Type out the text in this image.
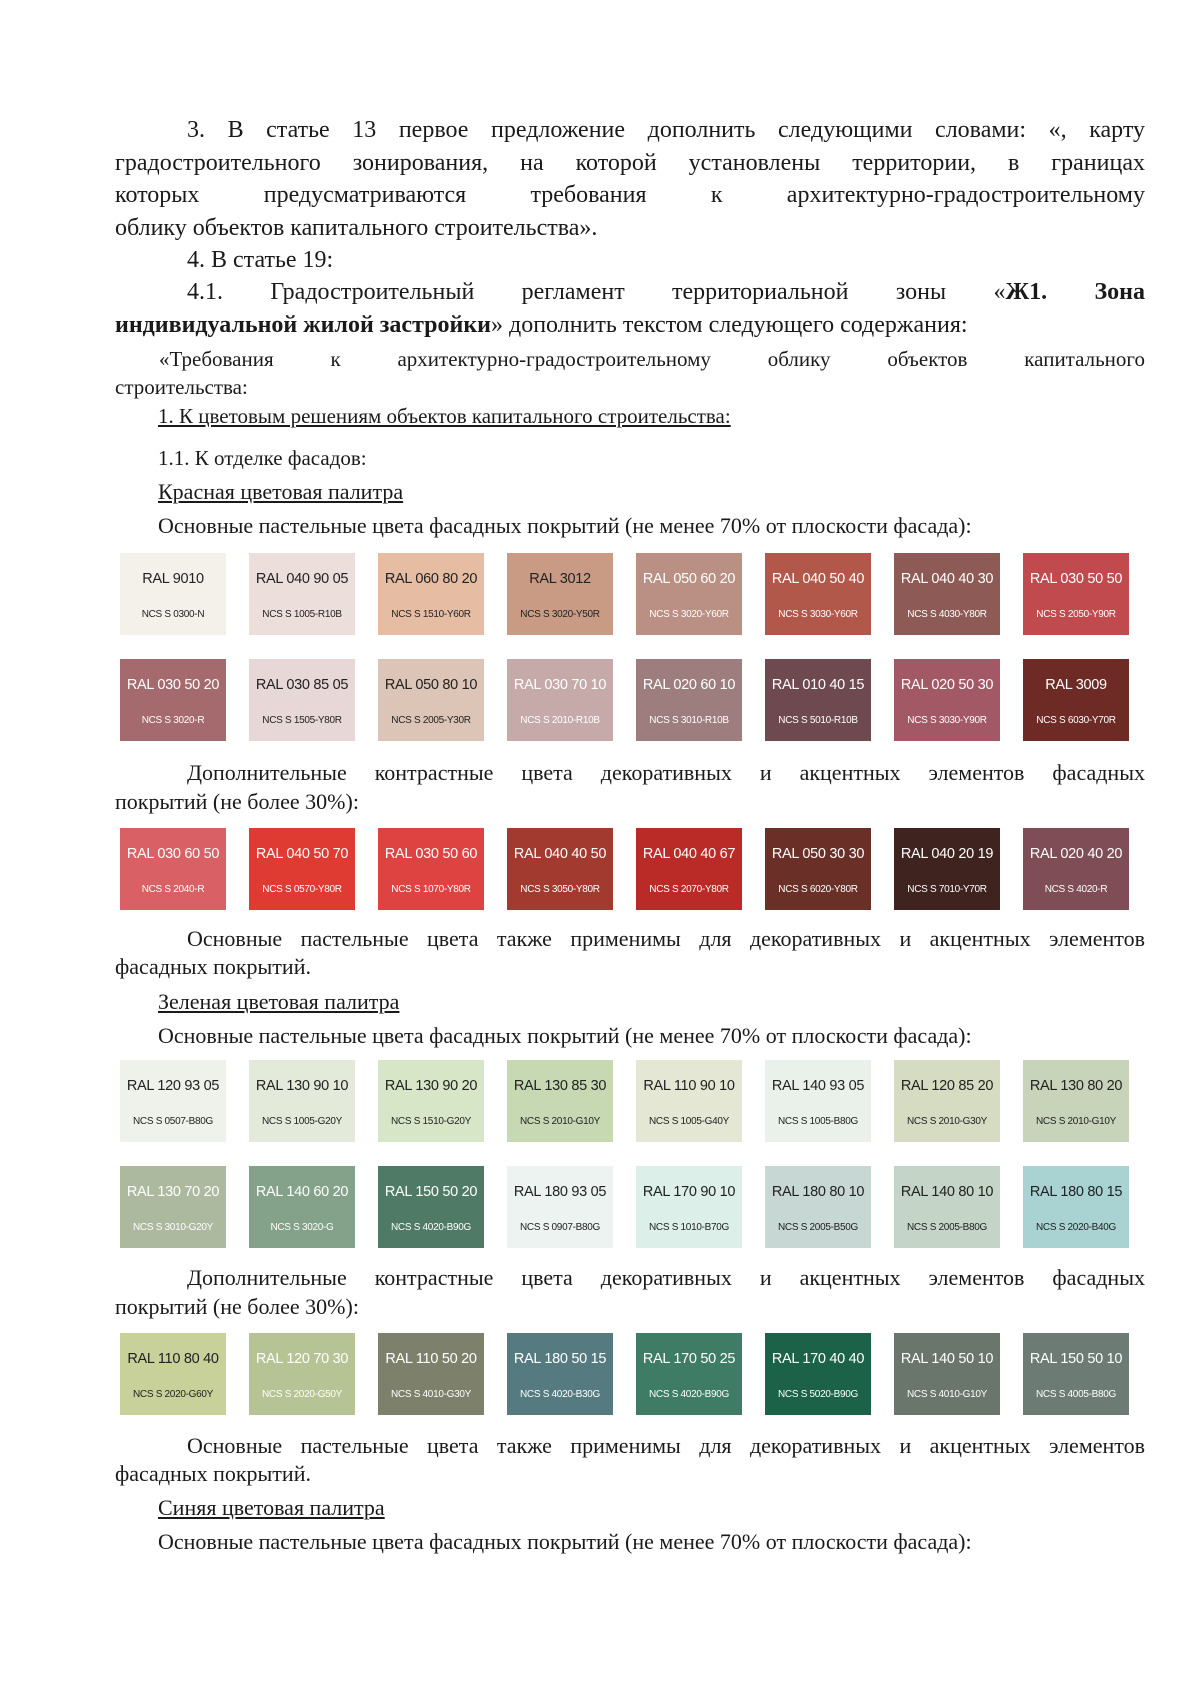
3. В статье 13 первое предложение дополнить следующими словами: «, карту

градостроительного зонирования, на которой установлены территории, в границах

которых предусматриваются требования к архитектурно-градостроительному

облику объектов капитального строительства».

4. В статье 19:

4.1. Градостроительный регламент территориальной зоны «Ж1. Зона

индивидуальной жилой застройки» дополнить текстом следующего содержания:

«Требования к архитектурно-градостроительному облику объектов капитального

строительства:

1. К цветовым решениям объектов капитального строительства:

1.1. К отделке фасадов:

Красная цветовая палитра

Основные пастельные цвета фасадных покрытий (не менее 70% от плоскости фасада):

RAL 9010
NCS S 0300-N
RAL 040 90 05
NCS S 1005-R10B
RAL 060 80 20
NCS S 1510-Y60R
RAL 3012
NCS S 3020-Y50R
RAL 050 60 20
NCS S 3020-Y60R
RAL 040 50 40
NCS S 3030-Y60R
RAL 040 40 30
NCS S 4030-Y80R
RAL 030 50 50
NCS S 2050-Y90R
RAL 030 50 20
NCS S 3020-R
RAL 030 85 05
NCS S 1505-Y80R
RAL 050 80 10
NCS S 2005-Y30R
RAL 030 70 10
NCS S 2010-R10B
RAL 020 60 10
NCS S 3010-R10B
RAL 010 40 15
NCS S 5010-R10B
RAL 020 50 30
NCS S 3030-Y90R
RAL 3009
NCS S 6030-Y70R

Дополнительные контрастные цвета декоративных и акцентных элементов фасадных

покрытий (не более 30%):

RAL 030 60 50
NCS S 2040-R
RAL 040 50 70
NCS S 0570-Y80R
RAL 030 50 60
NCS S 1070-Y80R
RAL 040 40 50
NCS S 3050-Y80R
RAL 040 40 67
NCS S 2070-Y80R
RAL 050 30 30
NCS S 6020-Y80R
RAL 040 20 19
NCS S 7010-Y70R
RAL 020 40 20
NCS S 4020-R

Основные пастельные цвета также применимы для декоративных и акцентных элементов

фасадных покрытий.

Зеленая цветовая палитра

Основные пастельные цвета фасадных покрытий (не менее 70% от плоскости фасада):

RAL 120 93 05
NCS S 0507-B80G
RAL 130 90 10
NCS S 1005-G20Y
RAL 130 90 20
NCS S 1510-G20Y
RAL 130 85 30
NCS S 2010-G10Y
RAL 110 90 10
NCS S 1005-G40Y
RAL 140 93 05
NCS S 1005-B80G
RAL 120 85 20
NCS S 2010-G30Y
RAL 130 80 20
NCS S 2010-G10Y
RAL 130 70 20
NCS S 3010-G20Y
RAL 140 60 20
NCS S 3020-G
RAL 150 50 20
NCS S 4020-B90G
RAL 180 93 05
NCS S 0907-B80G
RAL 170 90 10
NCS S 1010-B70G
RAL 180 80 10
NCS S 2005-B50G
RAL 140 80 10
NCS S 2005-B80G
RAL 180 80 15
NCS S 2020-B40G

Дополнительные контрастные цвета декоративных и акцентных элементов фасадных

покрытий (не более 30%):

RAL 110 80 40
NCS S 2020-G60Y
RAL 120 70 30
NCS S 2020-G50Y
RAL 110 50 20
NCS S 4010-G30Y
RAL 180 50 15
NCS S 4020-B30G
RAL 170 50 25
NCS S 4020-B90G
RAL 170 40 40
NCS S 5020-B90G
RAL 140 50 10
NCS S 4010-G10Y
RAL 150 50 10
NCS S 4005-B80G

Основные пастельные цвета также применимы для декоративных и акцентных элементов

фасадных покрытий.

Синяя цветовая палитра

Основные пастельные цвета фасадных покрытий (не менее 70% от плоскости фасада):
